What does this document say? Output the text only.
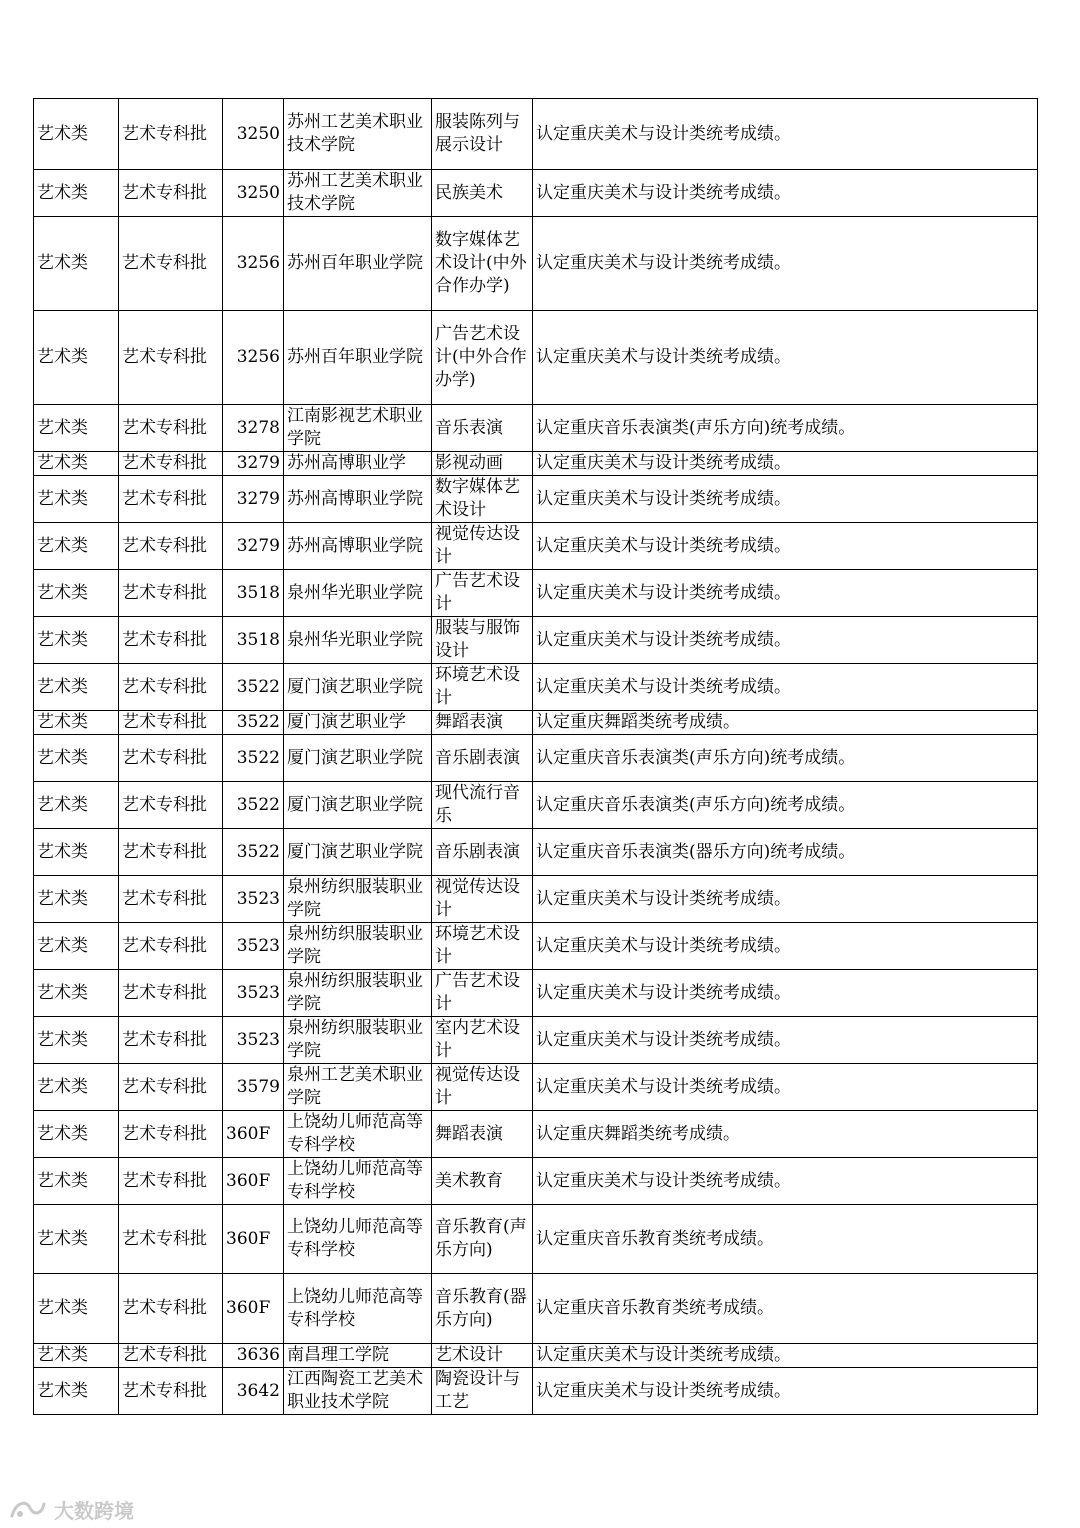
艺术类	艺术专科批	3250	苏州工艺美术职业技术学院	服装陈列与展示设计	认定重庆美术与设计类统考成绩。
艺术类	艺术专科批	3250	苏州工艺美术职业技术学院	民族美术	认定重庆美术与设计类统考成绩。
艺术类	艺术专科批	3256	苏州百年职业学院	数字媒体艺术设计(中外合作办学)	认定重庆美术与设计类统考成绩。
艺术类	艺术专科批	3256	苏州百年职业学院	广告艺术设计(中外合作办学)	认定重庆美术与设计类统考成绩。
艺术类	艺术专科批	3278	江南影视艺术职业学院	音乐表演	认定重庆音乐表演类(声乐方向)统考成绩。
艺术类	艺术专科批	3279	苏州高博职业学	影视动画	认定重庆美术与设计类统考成绩。
艺术类	艺术专科批	3279	苏州高博职业学院	数字媒体艺术设计	认定重庆美术与设计类统考成绩。
艺术类	艺术专科批	3279	苏州高博职业学院	视觉传达设计	认定重庆美术与设计类统考成绩。
艺术类	艺术专科批	3518	泉州华光职业学院	广告艺术设计	认定重庆美术与设计类统考成绩。
艺术类	艺术专科批	3518	泉州华光职业学院	服装与服饰设计	认定重庆美术与设计类统考成绩。
艺术类	艺术专科批	3522	厦门演艺职业学院	环境艺术设计	认定重庆美术与设计类统考成绩。
艺术类	艺术专科批	3522	厦门演艺职业学	舞蹈表演	认定重庆舞蹈类统考成绩。
艺术类	艺术专科批	3522	厦门演艺职业学院	音乐剧表演	认定重庆音乐表演类(声乐方向)统考成绩。
艺术类	艺术专科批	3522	厦门演艺职业学院	现代流行音乐	认定重庆音乐表演类(声乐方向)统考成绩。
艺术类	艺术专科批	3522	厦门演艺职业学院	音乐剧表演	认定重庆音乐表演类(器乐方向)统考成绩。
艺术类	艺术专科批	3523	泉州纺织服装职业学院	视觉传达设计	认定重庆美术与设计类统考成绩。
艺术类	艺术专科批	3523	泉州纺织服装职业学院	环境艺术设计	认定重庆美术与设计类统考成绩。
艺术类	艺术专科批	3523	泉州纺织服装职业学院	广告艺术设计	认定重庆美术与设计类统考成绩。
艺术类	艺术专科批	3523	泉州纺织服装职业学院	室内艺术设计	认定重庆美术与设计类统考成绩。
艺术类	艺术专科批	3579	泉州工艺美术职业学院	视觉传达设计	认定重庆美术与设计类统考成绩。
艺术类	艺术专科批	360F	上饶幼儿师范高等专科学校	舞蹈表演	认定重庆舞蹈类统考成绩。
艺术类	艺术专科批	360F	上饶幼儿师范高等专科学校	美术教育	认定重庆美术与设计类统考成绩。
艺术类	艺术专科批	360F	上饶幼儿师范高等专科学校	音乐教育(声乐方向)	认定重庆音乐教育类统考成绩。
艺术类	艺术专科批	360F	上饶幼儿师范高等专科学校	音乐教育(器乐方向)	认定重庆音乐教育类统考成绩。
艺术类	艺术专科批	3636	南昌理工学院	艺术设计	认定重庆美术与设计类统考成绩。
艺术类	艺术专科批	3642	江西陶瓷工艺美术职业技术学院	陶瓷设计与工艺	认定重庆美术与设计类统考成绩。
大数跨境
